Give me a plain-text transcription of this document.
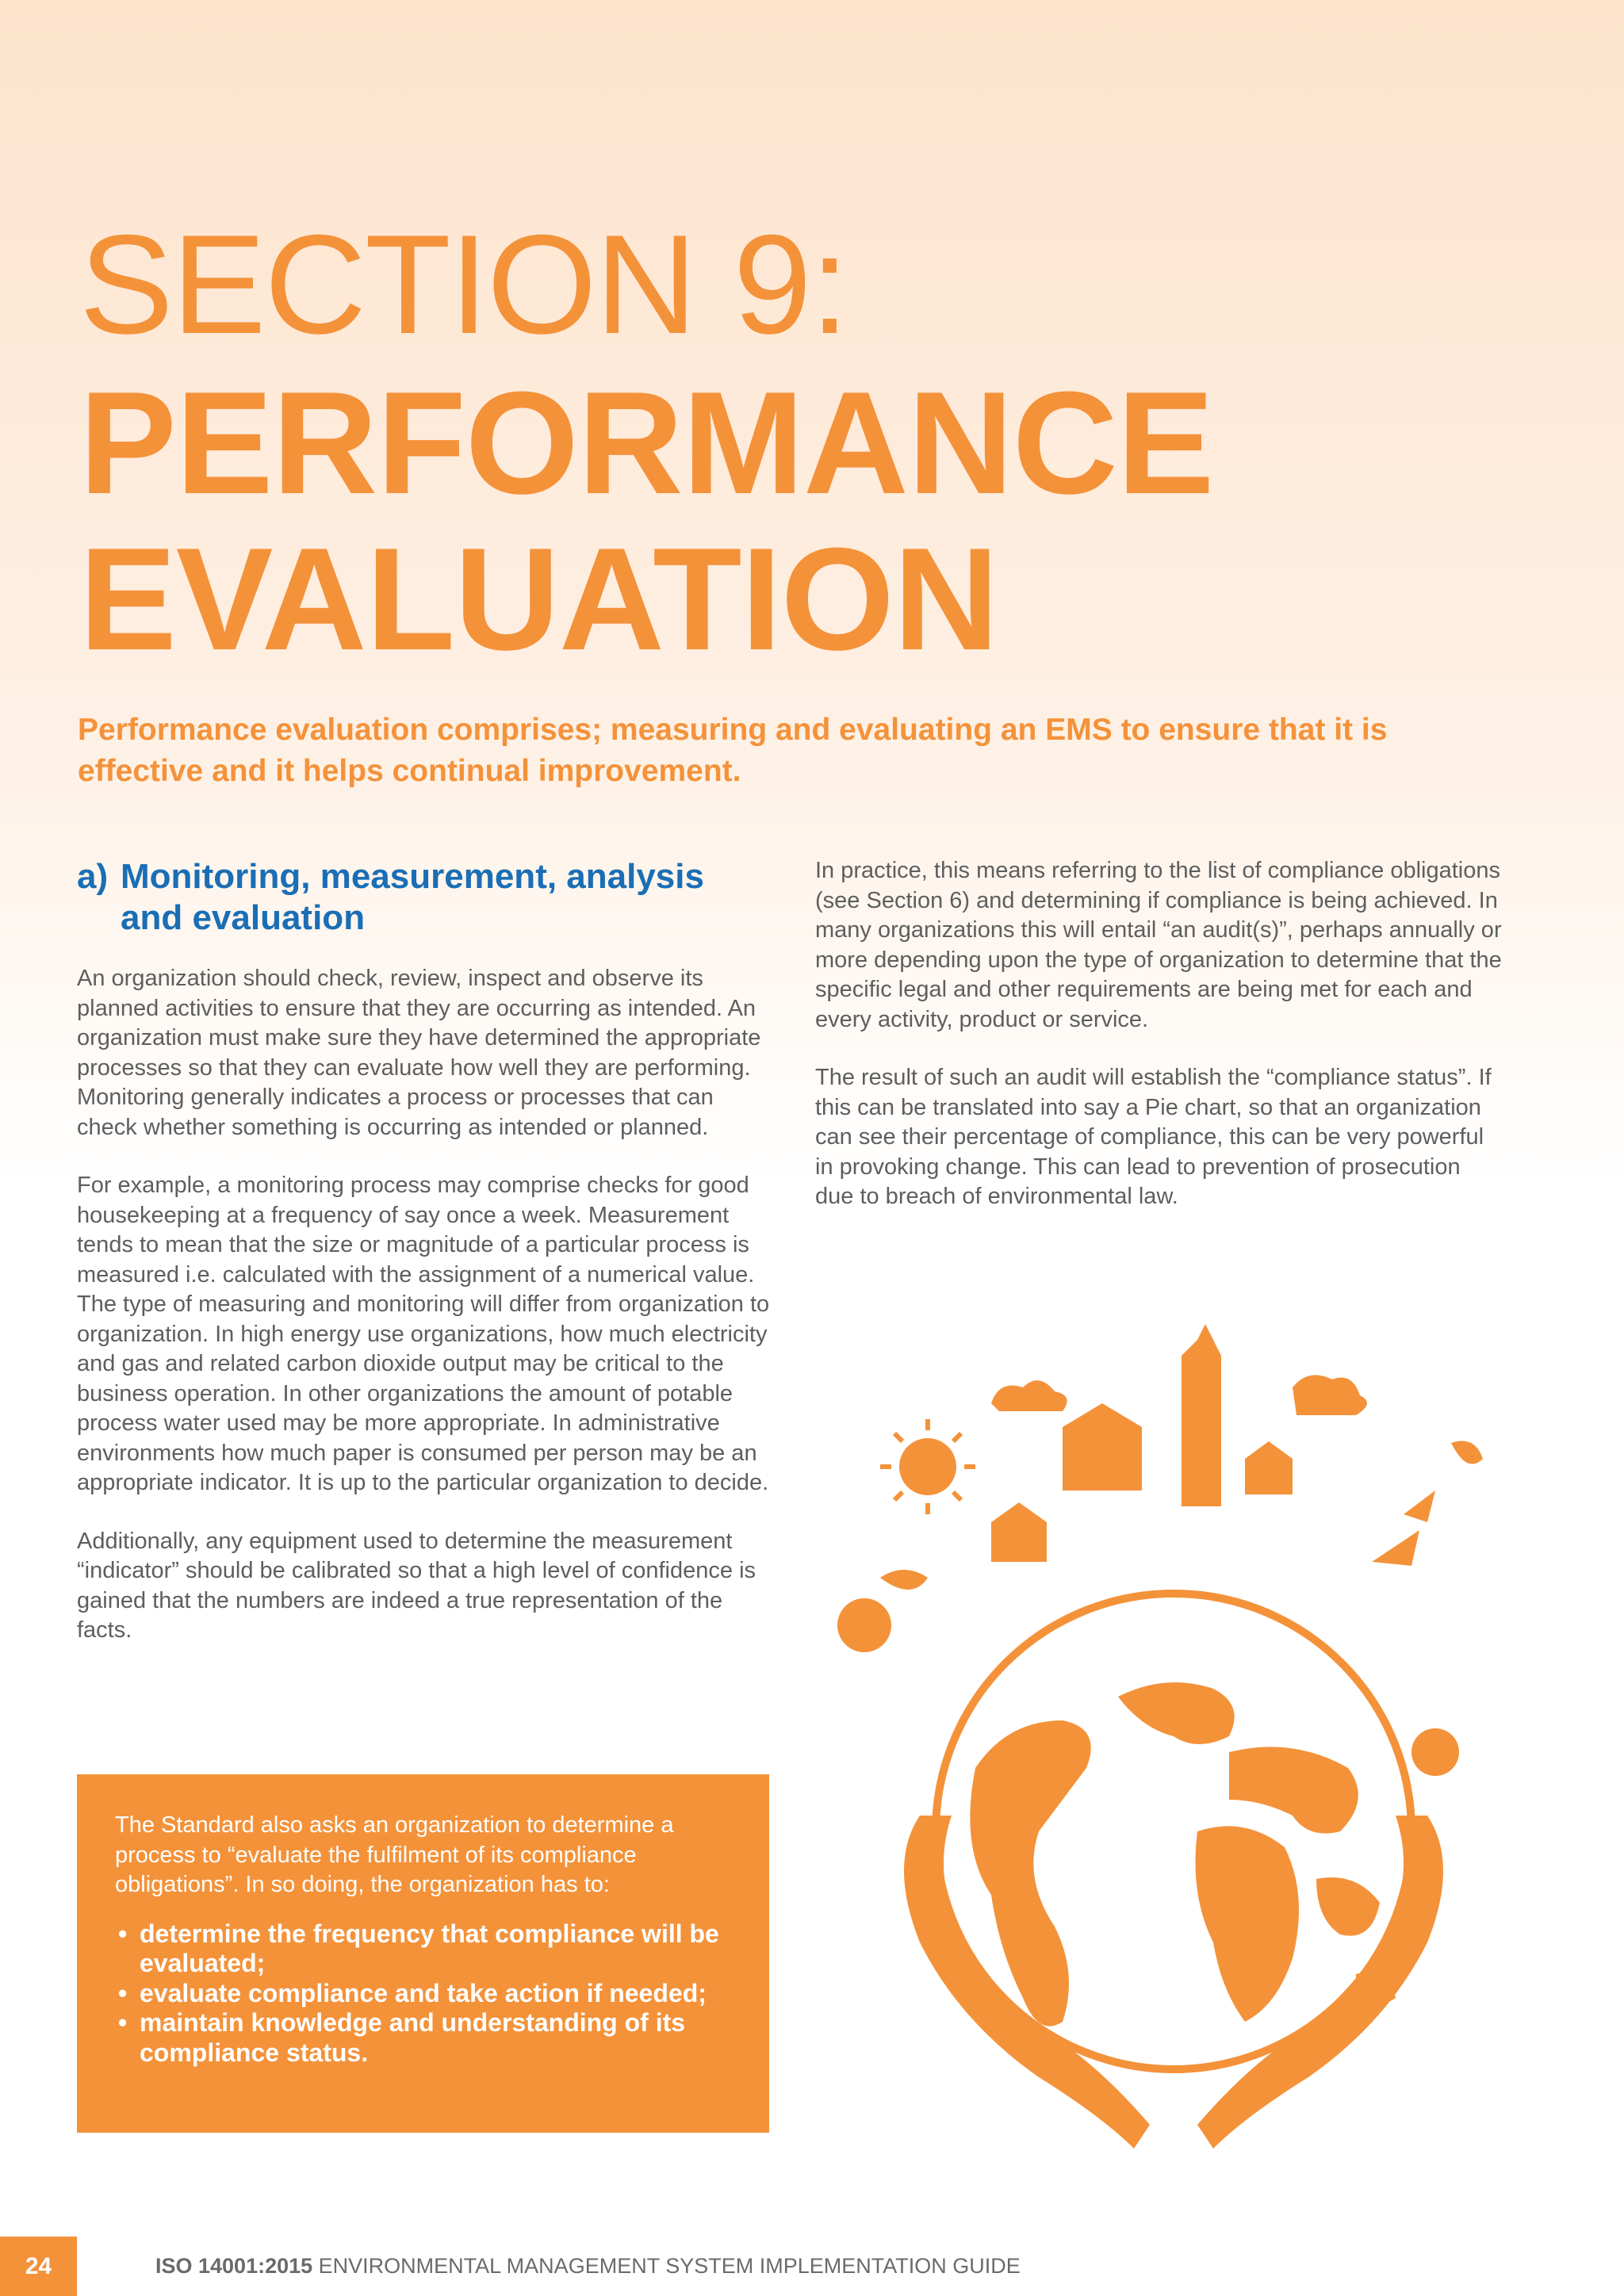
SECTION 9:
PERFORMANCE
EVALUATION
Performance evaluation comprises; measuring and evaluating an EMS to ensure that it is effective and it helps continual improvement.
a) Monitoring, measurement, analysis and evaluation

An organization should check, review, inspect and observe its planned activities to ensure that they are occurring as intended. An organization must make sure they have determined the appropriate processes so that they can evaluate how well they are performing. Monitoring generally indicates a process or processes that can check whether something is occurring as intended or planned.

For example, a monitoring process may comprise checks for good housekeeping at a frequency of say once a week. Measurement tends to mean that the size or magnitude of a particular process is measured i.e. calculated with the assignment of a numerical value. The type of measuring and monitoring will differ from organization to organization. In high energy use organizations, how much electricity and gas and related carbon dioxide output may be critical to the business operation. In other organizations the amount of potable process water used may be more appropriate. In administrative environments how much paper is consumed per person may be an appropriate indicator. It is up to the particular organization to decide.

Additionally, any equipment used to determine the measurement “indicator” should be calibrated so that a high level of confidence is gained that the numbers are indeed a true representation of the facts.

In practice, this means referring to the list of compliance obligations (see Section 6) and determining if compliance is being achieved. In many organizations this will entail “an audit(s)”, perhaps annually or more depending upon the type of organization to determine that the specific legal and other requirements are being met for each and every activity, product or service.

The result of such an audit will establish the “compliance status”. If this can be translated into say a Pie chart, so that an organization can see their percentage of compliance, this can be very powerful in provoking change. This can lead to prevention of prosecution due to breach of environmental law.

The Standard also asks an organization to determine a process to “evaluate the fulfilment of its compliance obligations”. In so doing, the organization has to:

• determine the frequency that compliance will be evaluated;
• evaluate compliance and take action if needed;
• maintain knowledge and understanding of its compliance status.
24	ISO 14001:2015 ENVIRONMENTAL MANAGEMENT SYSTEM IMPLEMENTATION GUIDE
